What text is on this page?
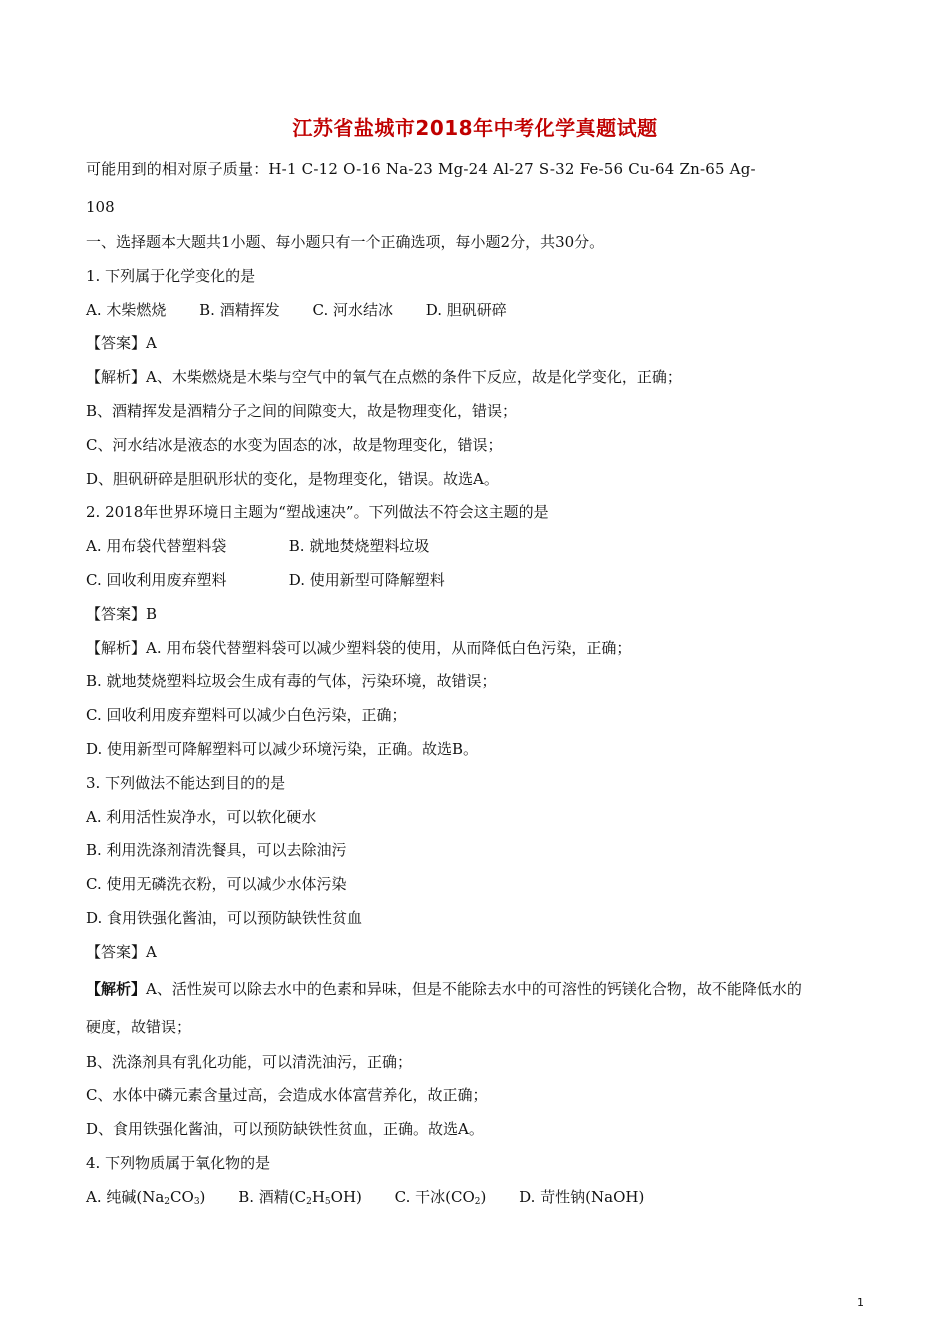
江苏省盐城市2018年中考化学真题试题
可能用到的相对原子质量：H-1 C-12 O-16 Na-23 Mg-24 Al-27 S-32 Fe-56 Cu-64 Zn-65 Ag-
108
一、选择题本大题共1小题、每小题只有一个正确选项，每小题2分，共30分。
1. 下列属于化学变化的是
A. 木柴燃烧 B. 酒精挥发 C. 河水结冰 D. 胆矾研碎
【答案】A
【解析】A、木柴燃烧是木柴与空气中的氧气在点燃的条件下反应，故是化学变化，正确；
B、酒精挥发是酒精分子之间的间隙变大，故是物理变化，错误；
C、河水结冰是液态的水变为固态的冰，故是物理变化，错误；
D、胆矾研碎是胆矾形状的变化，是物理变化，错误。故选A。
2. 2018年世界环境日主题为“塑战速决”。下列做法不符会这主题的是
A. 用布袋代替塑料袋	B. 就地焚烧塑料垃圾
C. 回收利用废弃塑料	D. 使用新型可降解塑料
【答案】B
【解析】A. 用布袋代替塑料袋可以减少塑料袋的使用，从而降低白色污染，正确；
B. 就地焚烧塑料垃圾会生成有毒的气体，污染环境，故错误；
C. 回收利用废弃塑料可以减少白色污染，正确；
D. 使用新型可降解塑料可以减少环境污染，正确。故选B。
3. 下列做法不能达到目的的是
A. 利用活性炭净水，可以软化硬水
B. 利用洗涤剂清洗餐具，可以去除油污
C. 使用无磷洗衣粉，可以减少水体污染
D. 食用铁强化酱油，可以预防缺铁性贫血
【答案】A
【解析】A、活性炭可以除去水中的色素和异味，但是不能除去水中的可溶性的钙镁化合物，故不能降低水的
硬度，故错误；
B、洗涤剂具有乳化功能，可以清洗油污，正确；
C、水体中磷元素含量过高，会造成水体富营养化，故正确；
D、食用铁强化酱油，可以预防缺铁性贫血，正确。故选A。
4. 下列物质属于氧化物的是
A. 纯碱$(Na_2CO_3)$ B. 酒精$(C_2H_5OH)$ C. 干冰$(CO_2)$ D. 苛性钠(NaOH)
1
